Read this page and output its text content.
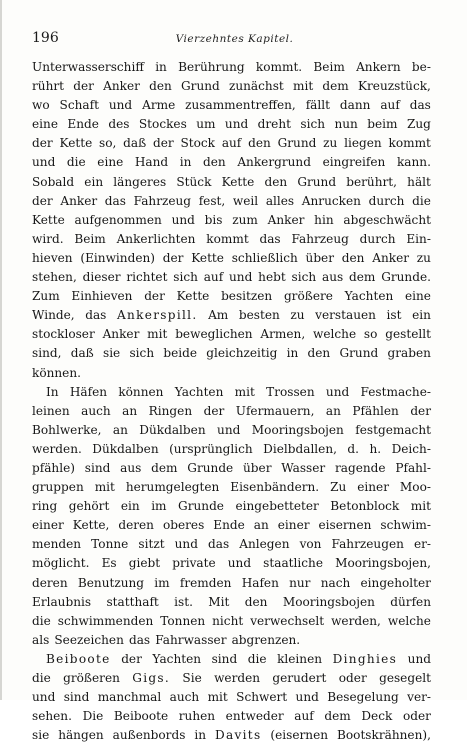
196	Vierzehntes Kapitel.
Unterwasserschiff in Berührung kommt. Beim Ankern be-
rührt der Anker den Grund zunächst mit dem Kreuzstück,
wo Schaft und Arme zusammentreffen, fällt dann auf das
eine Ende des Stockes um und dreht sich nun beim Zug
der Kette so, daß der Stock auf den Grund zu liegen kommt
und die eine Hand in den Ankergrund eingreifen kann.
Sobald ein längeres Stück Kette den Grund berührt, hält
der Anker das Fahrzeug fest, weil alles Anrucken durch die
Kette aufgenommen und bis zum Anker hin abgeschwächt
wird. Beim Ankerlichten kommt das Fahrzeug durch Ein-
hieven (Einwinden) der Kette schließlich über den Anker zu
stehen, dieser richtet sich auf und hebt sich aus dem Grunde.
Zum Einhieven der Kette besitzen größere Yachten eine
Winde, das Ankerspill. Am besten zu verstauen ist ein
stockloser Anker mit beweglichen Armen, welche so gestellt
sind, daß sie sich beide gleichzeitig in den Grund graben
können.
In Häfen können Yachten mit Trossen und Festmache-
leinen auch an Ringen der Ufermauern, an Pfählen der
Bohlwerke, an Dükdalben und Mooringsbojen festgemacht
werden. Dükdalben (ursprünglich Dielbdallen, d. h. Deich-
pfähle) sind aus dem Grunde über Wasser ragende Pfahl-
gruppen mit herumgelegten Eisenbändern. Zu einer Moo-
ring gehört ein im Grunde eingebetteter Betonblock mit
einer Kette, deren oberes Ende an einer eisernen schwim-
menden Tonne sitzt und das Anlegen von Fahrzeugen er-
möglicht. Es giebt private und staatliche Mooringsbojen,
deren Benutzung im fremden Hafen nur nach eingeholter
Erlaubnis statthaft ist. Mit den Mooringsbojen dürfen
die schwimmenden Tonnen nicht verwechselt werden, welche
als Seezeichen das Fahrwasser abgrenzen.
Beiboote der Yachten sind die kleinen Dinghies und
die größeren Gigs. Sie werden gerudert oder gesegelt
und sind manchmal auch mit Schwert und Besegelung ver-
sehen. Die Beiboote ruhen entweder auf dem Deck oder
sie hängen außenbords in Davits (eisernen Bootskrähnen),
